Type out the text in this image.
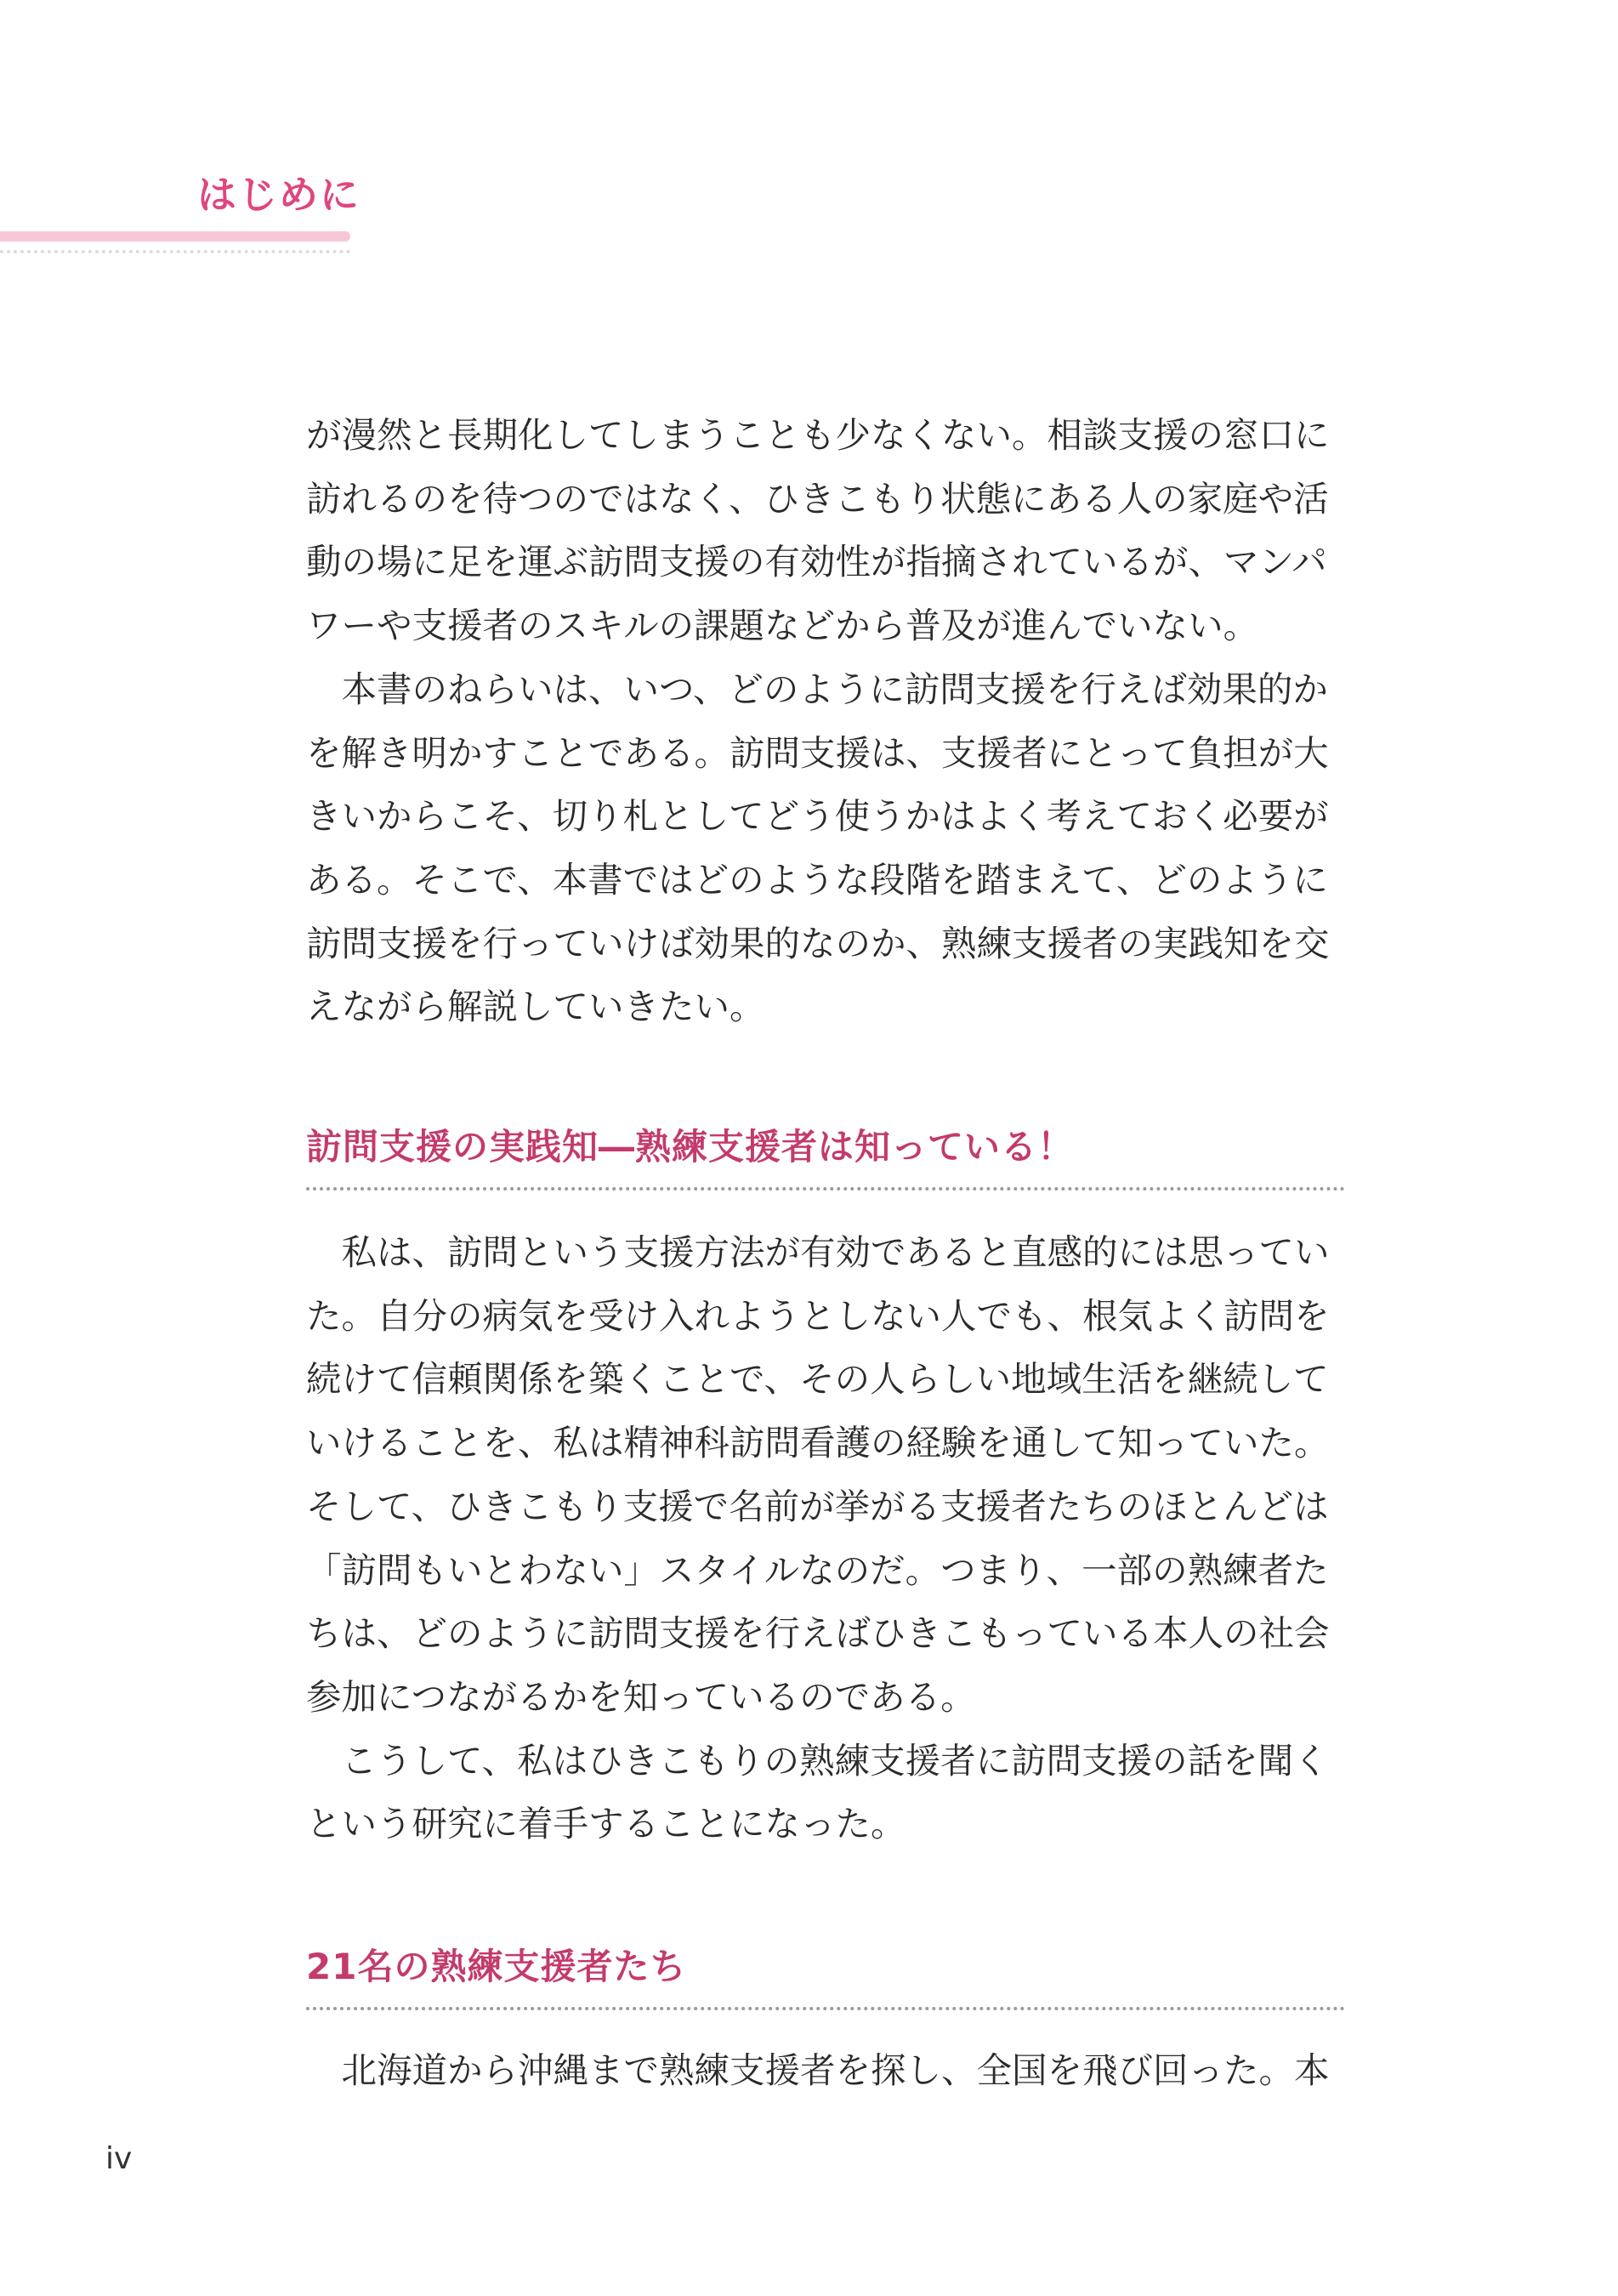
はじめに

が漫然と長期化してしまうことも少なくない。相談支援の窓口に
訪れるのを待つのではなく、ひきこもり状態にある人の家庭や活
動の場に足を運ぶ訪問支援の有効性が指摘されているが、マンパ
ワーや支援者のスキルの課題などから普及が進んでいない。
　本書のねらいは、いつ、どのように訪問支援を行えば効果的か
を解き明かすことである。訪問支援は、支援者にとって負担が大
きいからこそ、切り札としてどう使うかはよく考えておく必要が
ある。そこで、本書ではどのような段階を踏まえて、どのように
訪問支援を行っていけば効果的なのか、熟練支援者の実践知を交
えながら解説していきたい。

訪問支援の実践知―熟練支援者は知っている！

　私は、訪問という支援方法が有効であると直感的には思ってい
た。自分の病気を受け入れようとしない人でも、根気よく訪問を
続けて信頼関係を築くことで、その人らしい地域生活を継続して
いけることを、私は精神科訪問看護の経験を通して知っていた。
そして、ひきこもり支援で名前が挙がる支援者たちのほとんどは
「訪問もいとわない」スタイルなのだ。つまり、一部の熟練者た
ちは、どのように訪問支援を行えばひきこもっている本人の社会
参加につながるかを知っているのである。
　こうして、私はひきこもりの熟練支援者に訪問支援の話を聞く
という研究に着手することになった。

21名の熟練支援者たち

　北海道から沖縄まで熟練支援者を探し、全国を飛び回った。本

iv
